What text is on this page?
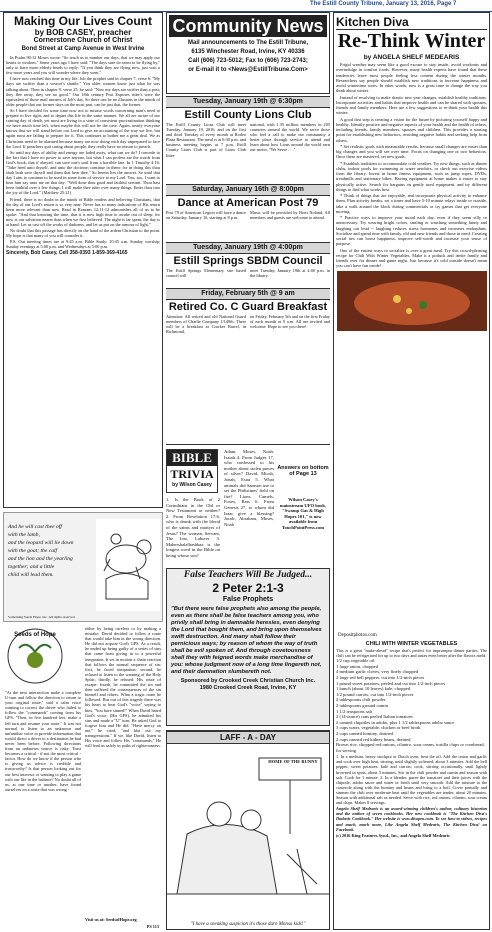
The Estill County Tribune, January 13, 2016, Page 7
Making Our Lives Count
by BOB CASEY, preacher
Cornerstone Church of Christ
Bond Street at Camp Avenue in West Irvine

In Psalm 90:12 Moses wrote: "So teach us to number our days, that we may apply our hearts to wisdom." Some years ago I have said: "The days sure do seem to be flying by," only to have more elderly heads to reply: "If you think they are flying now, just wait a few more years and you will wonder where they went."

I have now reached this time in my life. Job the prophet said in chapter 7, verse 6: "My days are swifter than a weaver's shuttle." You older women know just what he was talking about. Then in chapter 9, verse 25, he said: "Now my days are swifter than a post; they flee away, they see no good." Our 18th century Post Exposes rider's were the equivalent of those mail runners of Job's day. So there can be no illusions in the minds of older people that our former days on the most part, can be just that, the former.

So I have decided for some time now not to misuse words concerning man's need to prepare to live right, and to depart this life in the same manner. We all are aware of our coming day of death, yet most are living in a state of consistent procrastination thinking we have much time left, when maybe this will not be the case. Again, nearly everyone knows that we will stand before our Lord to give an accounting of the way we live, but again most are failing to prepare for it. This continues to bother me a great deal. We as Christians need to be alarmed because many are now doing each day unprepared to face the Lord. If preachers quit caring about people, they really have no reason to preach.

So until my days of ability and energy are faded away, what can we do? I concede to the fact that I have no power to save anyone, but what I can profess are the words from God's book, that if obeyed, can save one's soul from a horrible fate. In 1 Timothy 4:16: "Take heed unto thyself, and unto the doctrine; continue in them: for in doing this thou shalt both save thyself and them that hear thee." So herein lies the answer. So until that day I aim to continue to be used in some form of service to my Lord. You, too, I want to hear him say unto me on that day: "Well done thou good and faithful servant. Thou hast been faithful over a few things, I will make thee ruler over many things. Enter thou into the joy of the Lord." (Matthew 25:21)

Friend, there is no doubt in the minds of Bible readers and believing Christians, that the day of our Lord's return is so very near. Never has so many indications of His return been more relevant than now. Read in Romans 12:11-12 admonishes all of us to be spoke: "And that knowing the time, that it is now high time to awake out of sleep: for now is our salvation nearer than when we first believed. The night is far spent, the day is at hand: Let us cast off the works of darkness, and let us put on the armour of light."

No doubt that this passage has directly on the hand of the ardent Christian to the point. My hope is that many of you will consider it.

P.S. Our meeting times are at 9:45 a.m. Bible Study; 10:45 a.m. Sunday worship; Sunday evenings at 5:00 p.m. and Wednesdays at 5:00 p.m.

Sincerely, Bob Casey, Cell 358-0393 1-859-369-4165
And he will cast thee off
with the lamb,
and the leopard will lie down
with the goat; the calf
and the lion and the yearling
together; and a little
child will lead them.
Something Seeds Hope, Inc. All rights reserved.
Seeds of Hope
"At the next intersection make a complete U-turn and follow the direction to return to your original route," said a calm voice wanting to correct the driver who failed to follow the "commands" coming from his GPS. "Then, in five hundred feet, make a left turn and resume your route." It was not normal to listen to an unknown and unfamiliar voice to provide information that would direct a driver to a destination he had never been before. Following directions from an unknown source is risky. Trust becomes a critical - if not the most critical - factor. How do we know if the person who is giving us advice is credible and trustworthy? Is that person looking out for our best interests or wanting to play a game with our life in the balance? No doubt all of us, at one time or another, have found ourselves on a route that was wrong -
either by being careless or by making a mistake. David decided to follow a route that would take him in the wrong direction. He did not acquire God's GPS. As a result, he ended up being guilty of a series of sins that came from giving in to a powerful temptation. It set in motion a chain reaction that follows the normal sequence of sin: first, he faced temptation; second, he refused to listen to the warning of the Holy Spirit; thirdly, he refused. His route of escape: fourth, he committed the sin and then suffered the consequences of the sin himself and others. What a tragic route he followed. But out of this tragedy there was his heart to hear God's "voice" saying to him, "You have sinned!" When David heard God's voice, (His GPS), he admitted his sins and made a "U" turn. He asked God to forgive him and He did. "Have mercy on me," he cried, "and blot out my transgressions." If we, like David, listen to His voice and follow His "commands," He will lead us safely in paths of righteousness.
Visit us at: SeedsofHope.org
PS 113
Community News
Mail announcements to The Estill Tribune,
6135 Winchester Road, Irvine, KY 40336
Call (606) 723-5012; Fax to (606) 723-2743;
or E-mail it to <News@EstillTribune.Com>
Tuesday, January 19th @ 6:30pm
Estill County Lions Club
The Estill County Lions Club will meet Tuesday, January 19, 2016, and on the first and third Tuesday of every month at Rodeo Plaza Restaurant. The meal is at 6:30 p.m. and business meeting begins at 7 p.m. Estill County Lions Club is part of Lions Club Inter-
national, with 1.35 million members in 205 countries around the world. We serve those who feel a call to make our community a better place through service to attend and learn about how Lions around the world earn our motto, "We Serve . . ."
Saturday, January 16th @ 8:00pm
Dance at American Post 79
Post 79 of American Legion will have a dance on Saturday, January 16, starting at 8 p.m.
Music will be provided by Brett Noland. All members and guests are welcome to attend.
Tuesday, January 19th @ 4:00pm
Estill Springs SBDM Council
The Estill Springs Elementary site based council will
meet Tuesday, January 19th at 4:00 p.m. in the library.
Friday, February 5th @ 9 am
Retired Co. C Guard Breakfast
Attention: All retired and old National Guard members of Charlie Company 1/149th. There will be a breakfast at Cracker Barrel, in Richmond,
on Friday, February 5th and on the first Friday of each month at 9 a.m. All are invited and welcome. Hope to see you there!
BIBLE
TRIVIA
by Wilson Casey
1. Is the Book of 2 Corinthians in the Old or New Testament or neither? 2. From Revelation 17:6, who is drunk with the blood of the saints and martyrs of Jesus? The woman, Servant, The lost, Laborer 3. Mahershalalhashbaz is the longest word in the Bible on being whose son?
Adam, Moses, Noah, Isaiah 4. From Judges 17, who confessed to his mother about stolen pieces of silver? David, Micah, Jonah, Esau 5. What animals did Samson use to set the Philistines' field on fire? Lions, Camels, Foxes, Rats 6. From Genesis 27, to whom did Isaac give a blessing? Jacob, Abraham, Moses, Noah
Answers on bottom of Page 13
Wilson Casey's mainstream UFO book, "Swamp Gas & High Hopes 101," is now available from TouchPointPress.com
False Teachers Will Be Judged...
2 Peter 2:1-3
False Prophets
"But there were false prophets also among the people, even as there shall be false teachers among you, who privily shall bring in damnable heresies, even denying the Lord that bought them, and bring upon themselves swift destruction. And many shall follow their pernicious ways; by reason of whom the way of truth shall be evil spoken of. And through covetousness shall they with feigned words make merchandise of you: whose judgment now of a long time lingereth not, and their damnation slumbereth not.
Sponsored by Crooked Creek Christian Church Inc.
1980 Crooked Creek Road, Irvine, KY
LAFF - A - DAY
HOME OF THE RUNNY
"I have a sneaking suspicion it's those darn Monsa kids!"
Kitchen Diva
Re-Think Winter
by ANGELA SHELF MEDEARIS

Frigid weather may seem like a good excuse to stay inside, avoid workouts and overindulge in comfort foods. However, many health experts have found that these tendencies leave most people feeling less content during the winter months. Researchers say people should establish new traditions to increase happiness and avoid wintertime woes. In other words, now is a great time to change the way you think about winter.

Instead of resolving to make drastic new year changes, establish healthy traditions. Incorporate activities and habits that improve health and can be shared with spouses, friends and family members. Here are a few suggestions to re-think your health this winter:

A good first step is creating a vision for the future by picturing yourself happy and healthy. Identify positive and negative aspects of your health and the health of others, including friends, family members, spouses and children. This provides a starting point for establishing new behaviors, avoiding negative habits and seeking help from others.

* Set realistic goals with measurable results, because small changes are easier than big changes and you will see over time. Focus on changing one or two behaviors. Once these are mastered, set new goals.

* Establish traditions to accommodate cold weather. Try new things, such as dinner clubs, indoor pools for swimming or water aerobics, or check out exercise videos from the library. Invest in home fitness equipment, such as jump ropes, DVDs, treadmills and stationary bikes. Having equipment at home makes it easier to stay physically active. Search for bargains on gently used equipment, and try different things to find what works best.

* Think of things that are enjoyable, and incorporate physical activity to enhance them. Plan activity breaks, set a timer and have 5-10 minute relays inside or outside, take a walk around the block during commercials or try games that get everyone moving.

* Practice ways to improve your mood each day, even if they seem silly or unnecessary. Try wearing bright colors, smiling or watching something funny and laughing out loud -- laughing reduces stress hormones and increases endorphins. Socialize and spend time with family, old and new friends and those in need. Creating social ties can boost happiness, improve self-worth and increase your sense of purpose.

One of the easiest ways to socialize is over a great meal. Try this crowd-pleasing recipe for Chili With Winter Vegetables. Make it a potluck and invite family and friends over for dinner and game night. Just because it's cold outside doesn't mean you can't have fun inside!

Depositphotos.com
CHILI WITH WINTER VEGETABLES
This is a great "make-ahead" recipe that's perfect for impromptu dinner parties. The chili can be refrigerated for up to two days and tastes even better after the flavors meld.
1/2 cup vegetable oil
1 large onion, chopped
4 medium garlic cloves, very finely chopped
2 large red bell peppers, cut into 1/2-inch pieces
1 pound sweet potatoes, peeled and cut into 1/2-inch pieces
1 bunch (about 10 leaves) kale, chopped
1/2 pound carrots, cut into 1/2-inch pieces
2 tablespoons chili powder
2 tablespoons ground cumin
1 1/2 teaspoons salt
2 (14-ounce) cans peeled Italian tomatoes
2 canned chipotles in adobo, plus 1 1/2 tablespoons adobo sauce
3 cups water, vegetable, chicken or beef broth
2 cups canned hominy, drained
2 cups canned red kidney beans, drained
Brown rice, chopped red onions, cilantro, sour cream, tortilla chips or cornbread, for serving
1. In a medium, heavy stockpot or Dutch oven, heat the oil. Add the onion and garlic and cook over high heat, stirring, until slightly softened, about 3 minutes. Add the bell pepper, sweet potatoes, kale and carrots; cook, stirring occasionally, until lightly browned in spots, about 5 minutes. Stir in the chili powder and cumin and season with salt. Cook for 1 minute. 2. In a blender, puree the tomatoes and their juices with the chipotle, adobo sauce and water or broth until very smooth. Add the mixture to the casserole along with the hominy and beans and bring to a boil. Cover partially and simmer the chili over moderate heat until the vegetables are tender, about 20 minutes. Season with additional salt as needed. Serve with rice, red onions, cilantro, sour cream and chips. Makes 8 servings.
Angela Shelf Medearis is an award-winning children's author, culinary historian and the author of seven cookbooks. Her new cookbook is "The Kitchen Diva's Diabetic Cookbook." Her website is www.divapro.com. To see how-to videos, recipes and much, much more, Like Angela Shelf Medearis, The Kitchen Diva! on Facebook.
(c) 2016 King Features Synd., Inc., and Angela Shelf Medearis
